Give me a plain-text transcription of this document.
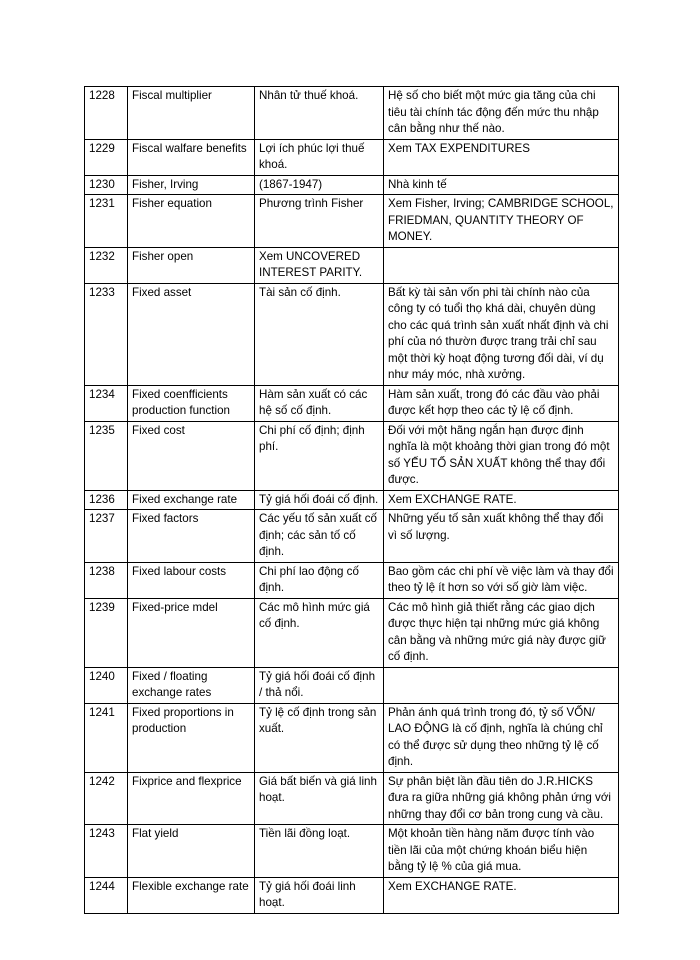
1228	Fiscal multiplier	Nhân tử thuế khoá.	Hệ số cho biết một mức gia tăng của chi tiêu tài chính tác động đến mức thu nhập cân bằng như thế nào.
1229	Fiscal walfare benefits	Lợi ích phúc lợi thuế khoá.	Xem TAX EXPENDITURES
1230	Fisher, Irving	(1867-1947)	Nhà kinh tế
1231	Fisher equation	Phương trình Fisher	Xem Fisher, Irving; CAMBRIDGE SCHOOL, FRIEDMAN, QUANTITY THEORY OF MONEY.
1232	Fisher open	Xem UNCOVERED INTEREST PARITY.	
1233	Fixed asset	Tài sản cố định.	Bất kỳ tài sản vốn phi tài chính nào của công ty có tuổi thọ khá dài, chuyên dùng cho các quá trình sản xuất nhất định và chi phí của nó thườn được trang trải chỉ sau một thời kỳ hoạt động tương đối dài, ví dụ như máy móc, nhà xưởng.
1234	Fixed coenfficients production function	Hàm sản xuất có các hệ số cố định.	Hàm sản xuất, trong đó các đầu vào phải được kết hợp theo các tỷ lệ cố định.
1235	Fixed cost	Chi phí cố định; định phí.	Đối với một hãng ngắn hạn được định nghĩa là một khoảng thời gian trong đó một số YẾU TỐ SẢN XUẤT không thể thay đổi được.
1236	Fixed exchange rate	Tỷ giá hối đoái cố định.	Xem EXCHANGE RATE.
1237	Fixed factors	Các yếu tố sản xuất cố định; các sản tố cố định.	Những yếu tố sản xuất không thể thay đổi vì số lượng.
1238	Fixed labour costs	Chi phí lao động cố định.	Bao gồm các chi phí về việc làm và thay đổi theo tỷ lệ ít hơn so với số giờ làm việc.
1239	Fixed-price mdel	Các mô hình mức giá cố định.	Các mô hình giả thiết rằng các giao dịch được thực hiện tại những mức giá không cân bằng và những mức giá này được giữ cố định.
1240	Fixed / floating exchange rates	Tỷ giá hối đoái cố định / thả nổi.	
1241	Fixed proportions in production	Tỷ lệ cố định trong sản xuất.	Phản ánh quá trình trong đó, tỷ số VỐN/ LAO ĐỘNG là cố định, nghĩa là chúng chỉ có thể được sử dụng theo những tỷ lệ cố định.
1242	Fixprice and flexprice	Giá bất biến và giá linh hoạt.	Sự phân biệt lần đầu tiên do J.R.HICKS đưa ra giữa những giá không phản ứng với những thay đổi cơ bản trong cung và cầu.
1243	Flat yield	Tiền lãi đồng loạt.	Một khoản tiền hàng năm được tính vào tiền lãi của một chứng khoán biểu hiện bằng tỷ lệ % của giá mua.
1244	Flexible exchange rate	Tỷ giá hối đoái linh hoạt.	Xem EXCHANGE RATE.
